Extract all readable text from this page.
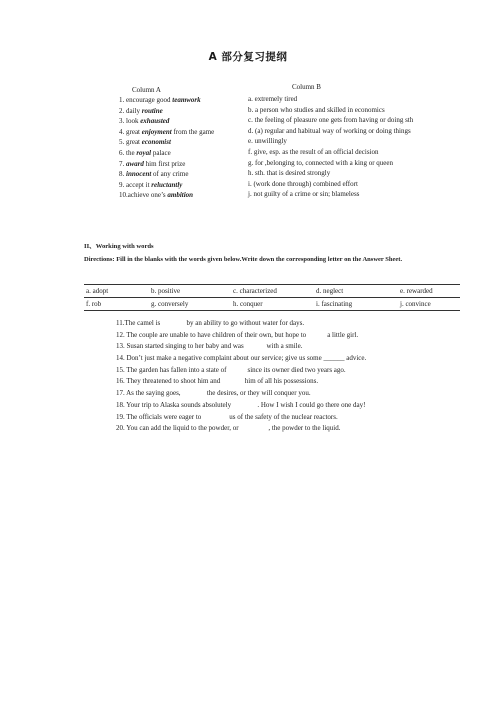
A 部分复习提纲
Column A
1. encourage good teamwork
2. daily routine
3. look exhausted
4. great enjoyment from the game
5. great economist
6. the royal palace
7. award him first prize
8. innocent of any crime
9. accept it reluctantly
10.achieve one’s ambition
Column B
a. extremely tired
b. a person who studies and skilled in economics
c. the feeling of pleasure one gets from having or doing sth
d. (a) regular and habitual way of working or doing things
e. unwillingly
f. give, esp. as the result of an official decision
g. for ,belonging to, connected with a king or queen
h. sth. that is desired strongly
i. (work done through) combined effort
j. not guilty of a crime or sin; blameless
II、Working with words
Directions: Fill in the blanks with the words given below.Write down the corresponding letter on the Answer Sheet.
a. adopt	b. positive	c. characterized	d. neglect	e. rewarded
f. rob	g. conversely	h. conquer	i. fascinating	j. convince
11.The camel is	by an ability to go without water for days.
12. The couple are unable to have children of their own, but hope to	a little girl.
13. Susan started singing to her baby and was	with a smile.
14. Don’t just make a negative complaint about our service; give us some ______ advice.
15. The garden has fallen into a state of	since its owner died two years ago.
16. They threatened to shoot him and	him of all his possessions.
17. As the saying goes,	the desires, or they will conquer you.
18. Your trip to Alaska sounds absolutely	. How I wish I could go there one day!
19. The officials were eager to	us of the safety of the nuclear reactors.
20. You can add the liquid to the powder, or	, the powder to the liquid.
